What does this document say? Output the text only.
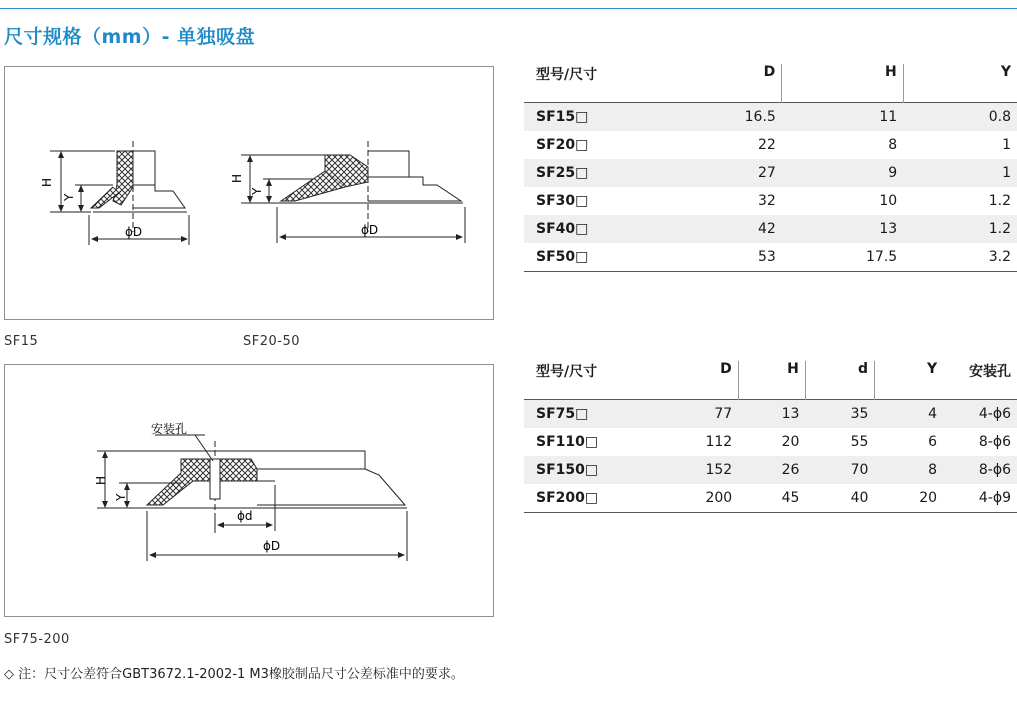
尺寸规格（mm）- 单独吸盘
H
Y
ϕD
H
Y
ϕD
SF15	SF20-50
安装孔
H
Y
ϕd
ϕD
SF75-200
型号/尺寸	D	H	Y
SF15□	16.5	11	0.8
SF20□	22	8	1
SF25□	27	9	1
SF30□	32	10	1.2
SF40□	42	13	1.2
SF50□	53	17.5	3.2
型号/尺寸	D	H	d	Y	安装孔
SF75□	77	13	35	4	4-ϕ6
SF110□	112	20	55	6	8-ϕ6
SF150□	152	26	70	8	8-ϕ6
SF200□	200	45	40	20	4-ϕ9
◇ 注：尺寸公差符合GBT3672.1-2002-1 M3橡胶制品尺寸公差标准中的要求。
